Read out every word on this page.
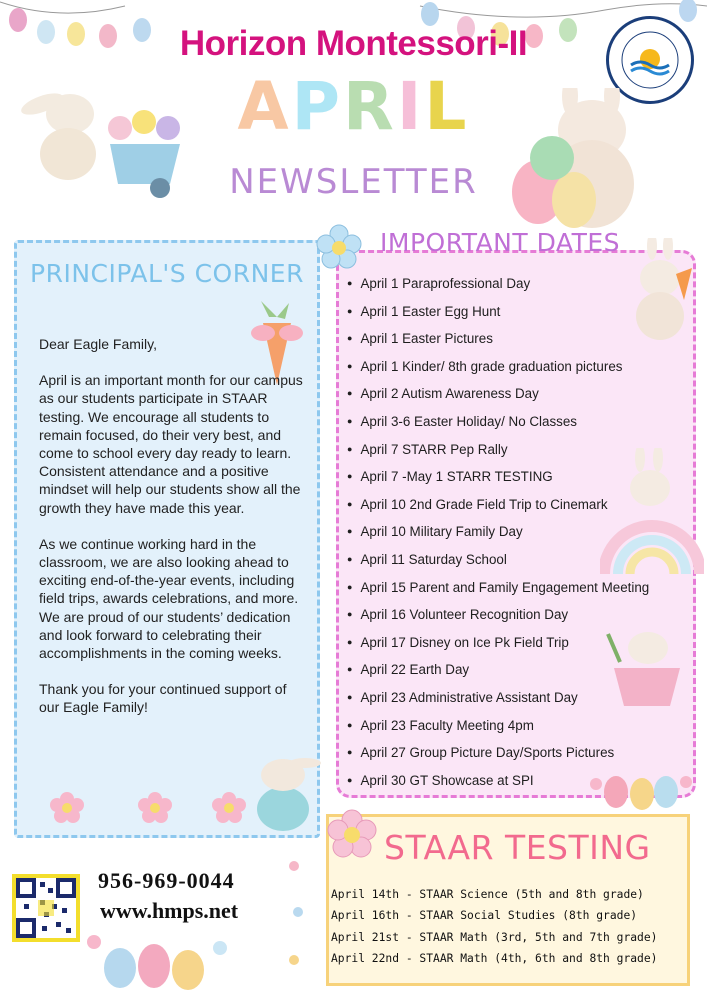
Horizon Montessori-II
APRIL
NEWSLETTER
PRINCIPAL'S CORNER

Dear Eagle Family,

April is an important month for our campus as our students participate in STAAR testing. We encourage all students to remain focused, do their very best, and come to school every day ready to learn. Consistent attendance and a positive mindset will help our students show all the growth they have made this year.

As we continue working hard in the classroom, we are also looking ahead to exciting end-of-the-year events, including field trips, awards celebrations, and more. We are proud of our students’ dedication and look forward to celebrating their accomplishments in the coming weeks.

Thank you for your continued support of our Eagle Family!

IMPORTANT DATES
● April 1 Paraprofessional Day
● April 1 Easter Egg Hunt
● April 1 Easter Pictures
● April 1 Kinder/ 8th grade graduation pictures
● April 2 Autism Awareness Day
● April 3-6 Easter Holiday/ No Classes
● April 7 STARR Pep Rally
● April 7 -May 1 STARR TESTING
● April 10 2nd Grade Field Trip to Cinemark
● April 10 Military Family Day
● April 11 Saturday School
● April 15 Parent and Family Engagement Meeting
● April 16 Volunteer Recognition Day
● April 17 Disney on Ice Pk Field Trip
● April 22 Earth Day
● April 23 Administrative Assistant Day
● April 23 Faculty Meeting 4pm
● April 27 Group Picture Day/Sports Pictures
● April 30 GT Showcase at SPI
STAAR TESTING
April 14th - STAAR Science (5th and 8th grade)
April 16th - STAAR Social Studies (8th grade)
April 21st - STAAR Math (3rd, 5th and 7th grade)
April 22nd - STAAR Math (4th, 6th and 8th grade)
956-969-0044
www.hmps.net
